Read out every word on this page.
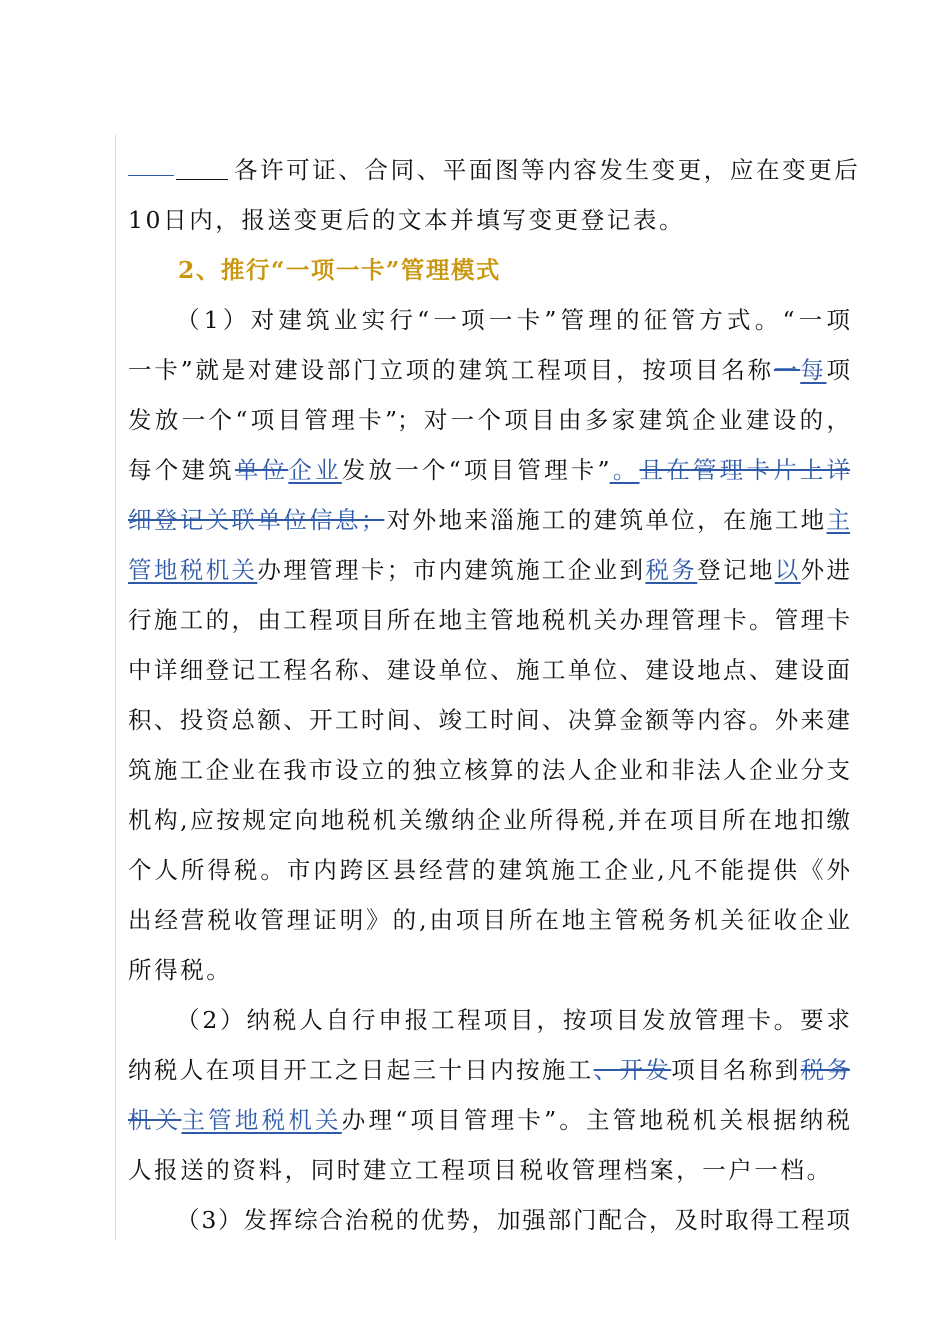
各许可证、合同、平面图等内容发生变更，应在变更后
10日内，报送变更后的文本并填写变更登记表。
2、推行“一项一卡”管理模式
（1）对建筑业实行“一项一卡”管理的征管方式。“一项
一卡”就是对建设部门立项的建筑工程项目，按项目名称一每项
发放一个“项目管理卡”；对一个项目由多家建筑企业建设的，
每个建筑单位企业发放一个“项目管理卡”。且在管理卡片上详
细登记关联单位信息；对外地来淄施工的建筑单位，在施工地主
管地税机关办理管理卡；市内建筑施工企业到税务登记地以外进
行施工的，由工程项目所在地主管地税机关办理管理卡。管理卡
中详细登记工程名称、建设单位、施工单位、建设地点、建设面
积、投资总额、开工时间、竣工时间、决算金额等内容。外来建
筑施工企业在我市设立的独立核算的法人企业和非法人企业分支
机构,应按规定向地税机关缴纳企业所得税,并在项目所在地扣缴
个人所得税。市内跨区县经营的建筑施工企业,凡不能提供《外
出经营税收管理证明》的,由项目所在地主管税务机关征收企业
所得税。
（2）纳税人自行申报工程项目，按项目发放管理卡。要求
纳税人在项目开工之日起三十日内按施工、开发项目名称到税务
机关主管地税机关办理“项目管理卡”。主管地税机关根据纳税
人报送的资料，同时建立工程项目税收管理档案，一户一档。
（3）发挥综合治税的优势，加强部门配合，及时取得工程项
